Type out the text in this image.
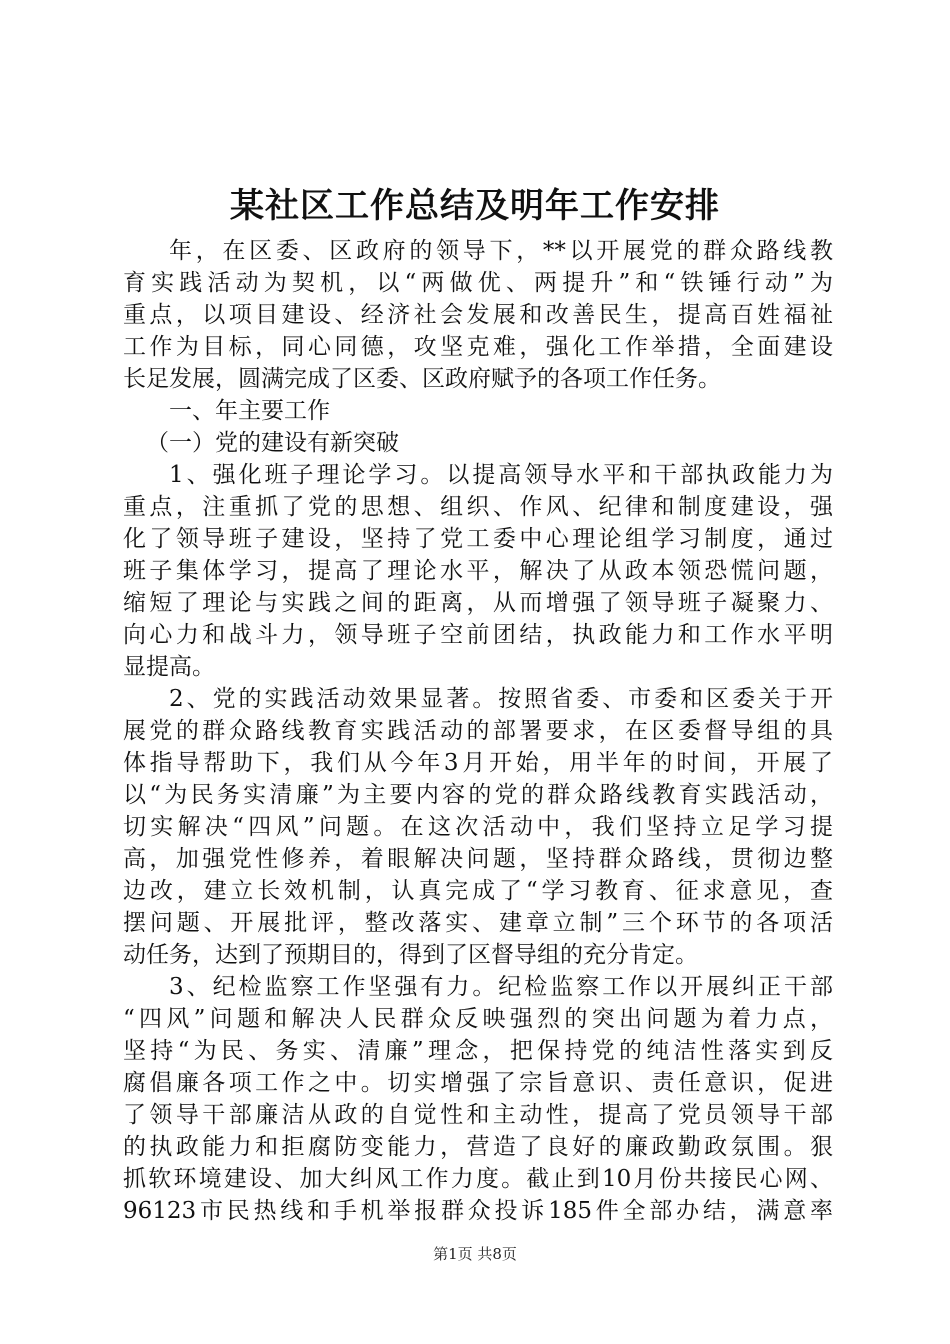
某社区工作总结及明年工作安排
年，在区委、区政府的领导下，**以开展党的群众路线教
育实践活动为契机，以“两做优、两提升”和“铁锤行动”为
重点，以项目建设、经济社会发展和改善民生，提高百姓福祉
工作为目标，同心同德，攻坚克难，强化工作举措，全面建设
长足发展，圆满完成了区委、区政府赋予的各项工作任务。
一、年主要工作
（一）党的建设有新突破
1、强化班子理论学习。以提高领导水平和干部执政能力为
重点，注重抓了党的思想、组织、作风、纪律和制度建设，强
化了领导班子建设，坚持了党工委中心理论组学习制度，通过
班子集体学习，提高了理论水平，解决了从政本领恐慌问题，
缩短了理论与实践之间的距离，从而增强了领导班子凝聚力、
向心力和战斗力，领导班子空前团结，执政能力和工作水平明
显提高。
2、党的实践活动效果显著。按照省委、市委和区委关于开
展党的群众路线教育实践活动的部署要求，在区委督导组的具
体指导帮助下，我们从今年3月开始，用半年的时间，开展了
以“为民务实清廉”为主要内容的党的群众路线教育实践活动，
切实解决“四风”问题。在这次活动中，我们坚持立足学习提
高，加强党性修养，着眼解决问题，坚持群众路线，贯彻边整
边改，建立长效机制，认真完成了“学习教育、征求意见，查
摆问题、开展批评，整改落实、建章立制”三个环节的各项活
动任务，达到了预期目的，得到了区督导组的充分肯定。
3、纪检监察工作坚强有力。纪检监察工作以开展纠正干部
“四风”问题和解决人民群众反映强烈的突出问题为着力点，
坚持“为民、务实、清廉”理念，把保持党的纯洁性落实到反
腐倡廉各项工作之中。切实增强了宗旨意识、责任意识，促进
了领导干部廉洁从政的自觉性和主动性，提高了党员领导干部
的执政能力和拒腐防变能力，营造了良好的廉政勤政氛围。狠
抓软环境建设、加大纠风工作力度。截止到10月份共接民心网、
96123市民热线和手机举报群众投诉185件全部办结，满意率
第1页 共8页
